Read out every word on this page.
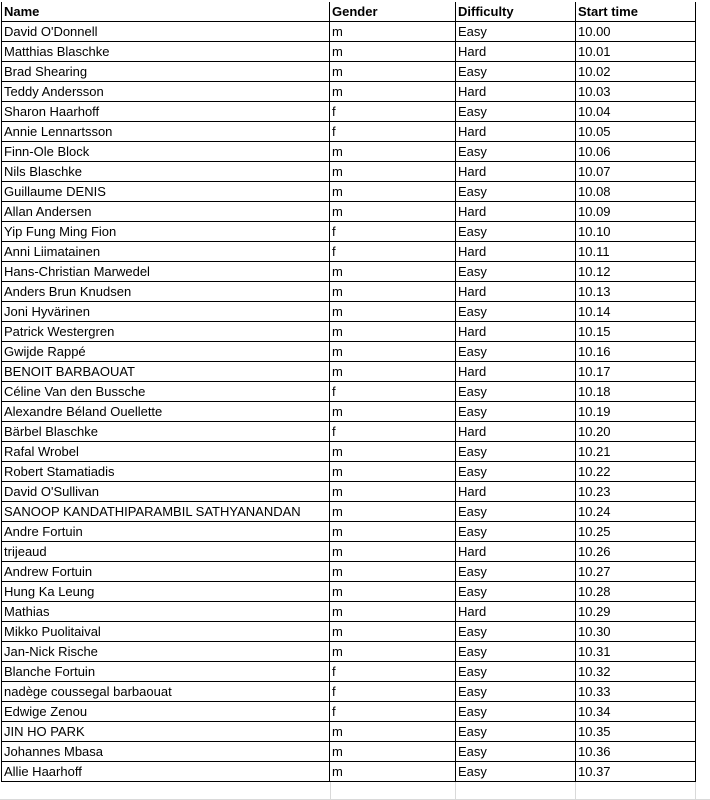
Name	Gender	Difficulty	Start time
David O'Donnell	m	Easy	10.00
Matthias Blaschke	m	Hard	10.01
Brad Shearing	m	Easy	10.02
Teddy Andersson	m	Hard	10.03
Sharon Haarhoff	f	Easy	10.04
Annie Lennartsson	f	Hard	10.05
Finn-Ole Block	m	Easy	10.06
Nils Blaschke	m	Hard	10.07
Guillaume DENIS	m	Easy	10.08
Allan Andersen	m	Hard	10.09
Yip Fung Ming Fion	f	Easy	10.10
Anni Liimatainen	f	Hard	10.11
Hans-Christian Marwedel	m	Easy	10.12
Anders Brun Knudsen	m	Hard	10.13
Joni Hyvärinen	m	Easy	10.14
Patrick Westergren	m	Hard	10.15
Gwijde Rappé	m	Easy	10.16
BENOIT BARBAOUAT	m	Hard	10.17
Céline Van den Bussche	f	Easy	10.18
Alexandre Béland Ouellette	m	Easy	10.19
Bärbel Blaschke	f	Hard	10.20
Rafal Wrobel	m	Easy	10.21
Robert Stamatiadis	m	Easy	10.22
David O'Sullivan	m	Hard	10.23
SANOOP KANDATHIPARAMBIL SATHYANANDAN	m	Easy	10.24
Andre Fortuin	m	Easy	10.25
trijeaud	m	Hard	10.26
Andrew Fortuin	m	Easy	10.27
Hung Ka Leung	m	Easy	10.28
Mathias	m	Hard	10.29
Mikko Puolitaival	m	Easy	10.30
Jan-Nick Rische	m	Easy	10.31
Blanche Fortuin	f	Easy	10.32
nadège coussegal barbaouat	f	Easy	10.33
Edwige Zenou	f	Easy	10.34
JIN HO PARK	m	Easy	10.35
Johannes Mbasa	m	Easy	10.36
Allie Haarhoff	m	Easy	10.37
